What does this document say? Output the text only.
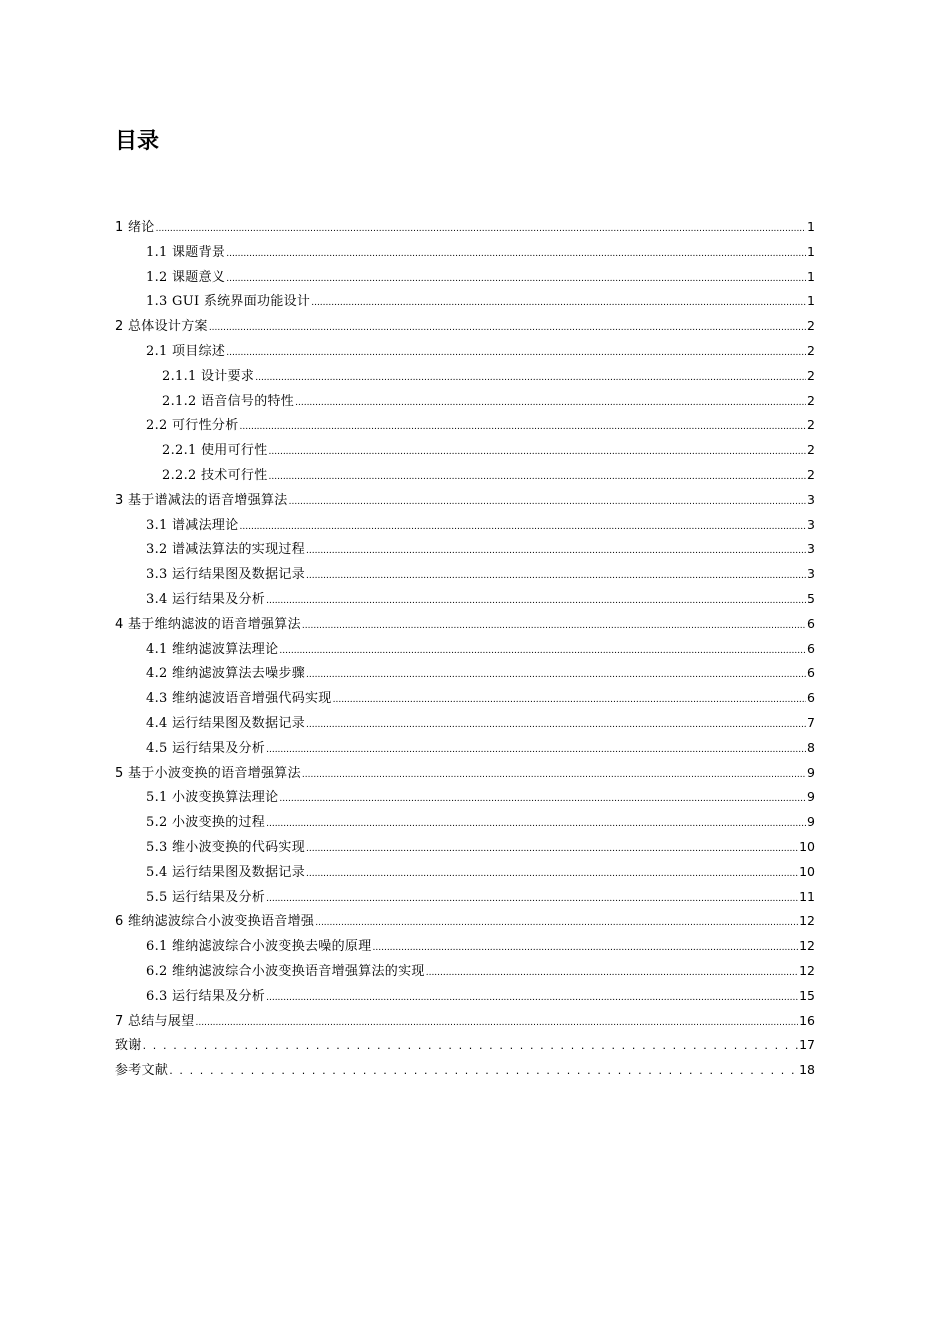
目录
1 绪论 .....	1
1.1 课题背景 .....	1
1.2 课题意义 .....	1
1.3 GUI 系统界面功能设计 .....	1
2 总体设计方案 .....	2
2.1 项目综述 .....	2
2.1.1 设计要求 .....	2
2.1.2 语音信号的特性 .....	2
2.2 可行性分析 .....	2
2.2.1 使用可行性 .....	2
2.2.2 技术可行性 .....	2
3 基于谱减法的语音增强算法 .....	3
3.1 谱减法理论 .....	3
3.2 谱减法算法的实现过程 .....	3
3.3 运行结果图及数据记录 .....	3
3.4 运行结果及分析 .....	5
4 基于维纳滤波的语音增强算法 .....	6
4.1 维纳滤波算法理论 .....	6
4.2 维纳滤波算法去噪步骤 .....	6
4.3 维纳滤波语音增强代码实现 .....	6
4.4 运行结果图及数据记录 .....	7
4.5 运行结果及分析 .....	8
5 基于小波变换的语音增强算法 .....	9
5.1 小波变换算法理论 .....	9
5.2 小波变换的过程 .....	9
5.3 维小波变换的代码实现 .....	10
5.4 运行结果图及数据记录 .....	10
5.5 运行结果及分析 .....	11
6 维纳滤波综合小波变换语音增强 .....	12
6.1 维纳滤波综合小波变换去噪的原理 .....	12
6.2 维纳滤波综合小波变换语音增强算法的实现 .....	12
6.3 运行结果及分析 .....	15
7 总结与展望 .....	16
致谢 . . .	17
参考文献 . . .	18
